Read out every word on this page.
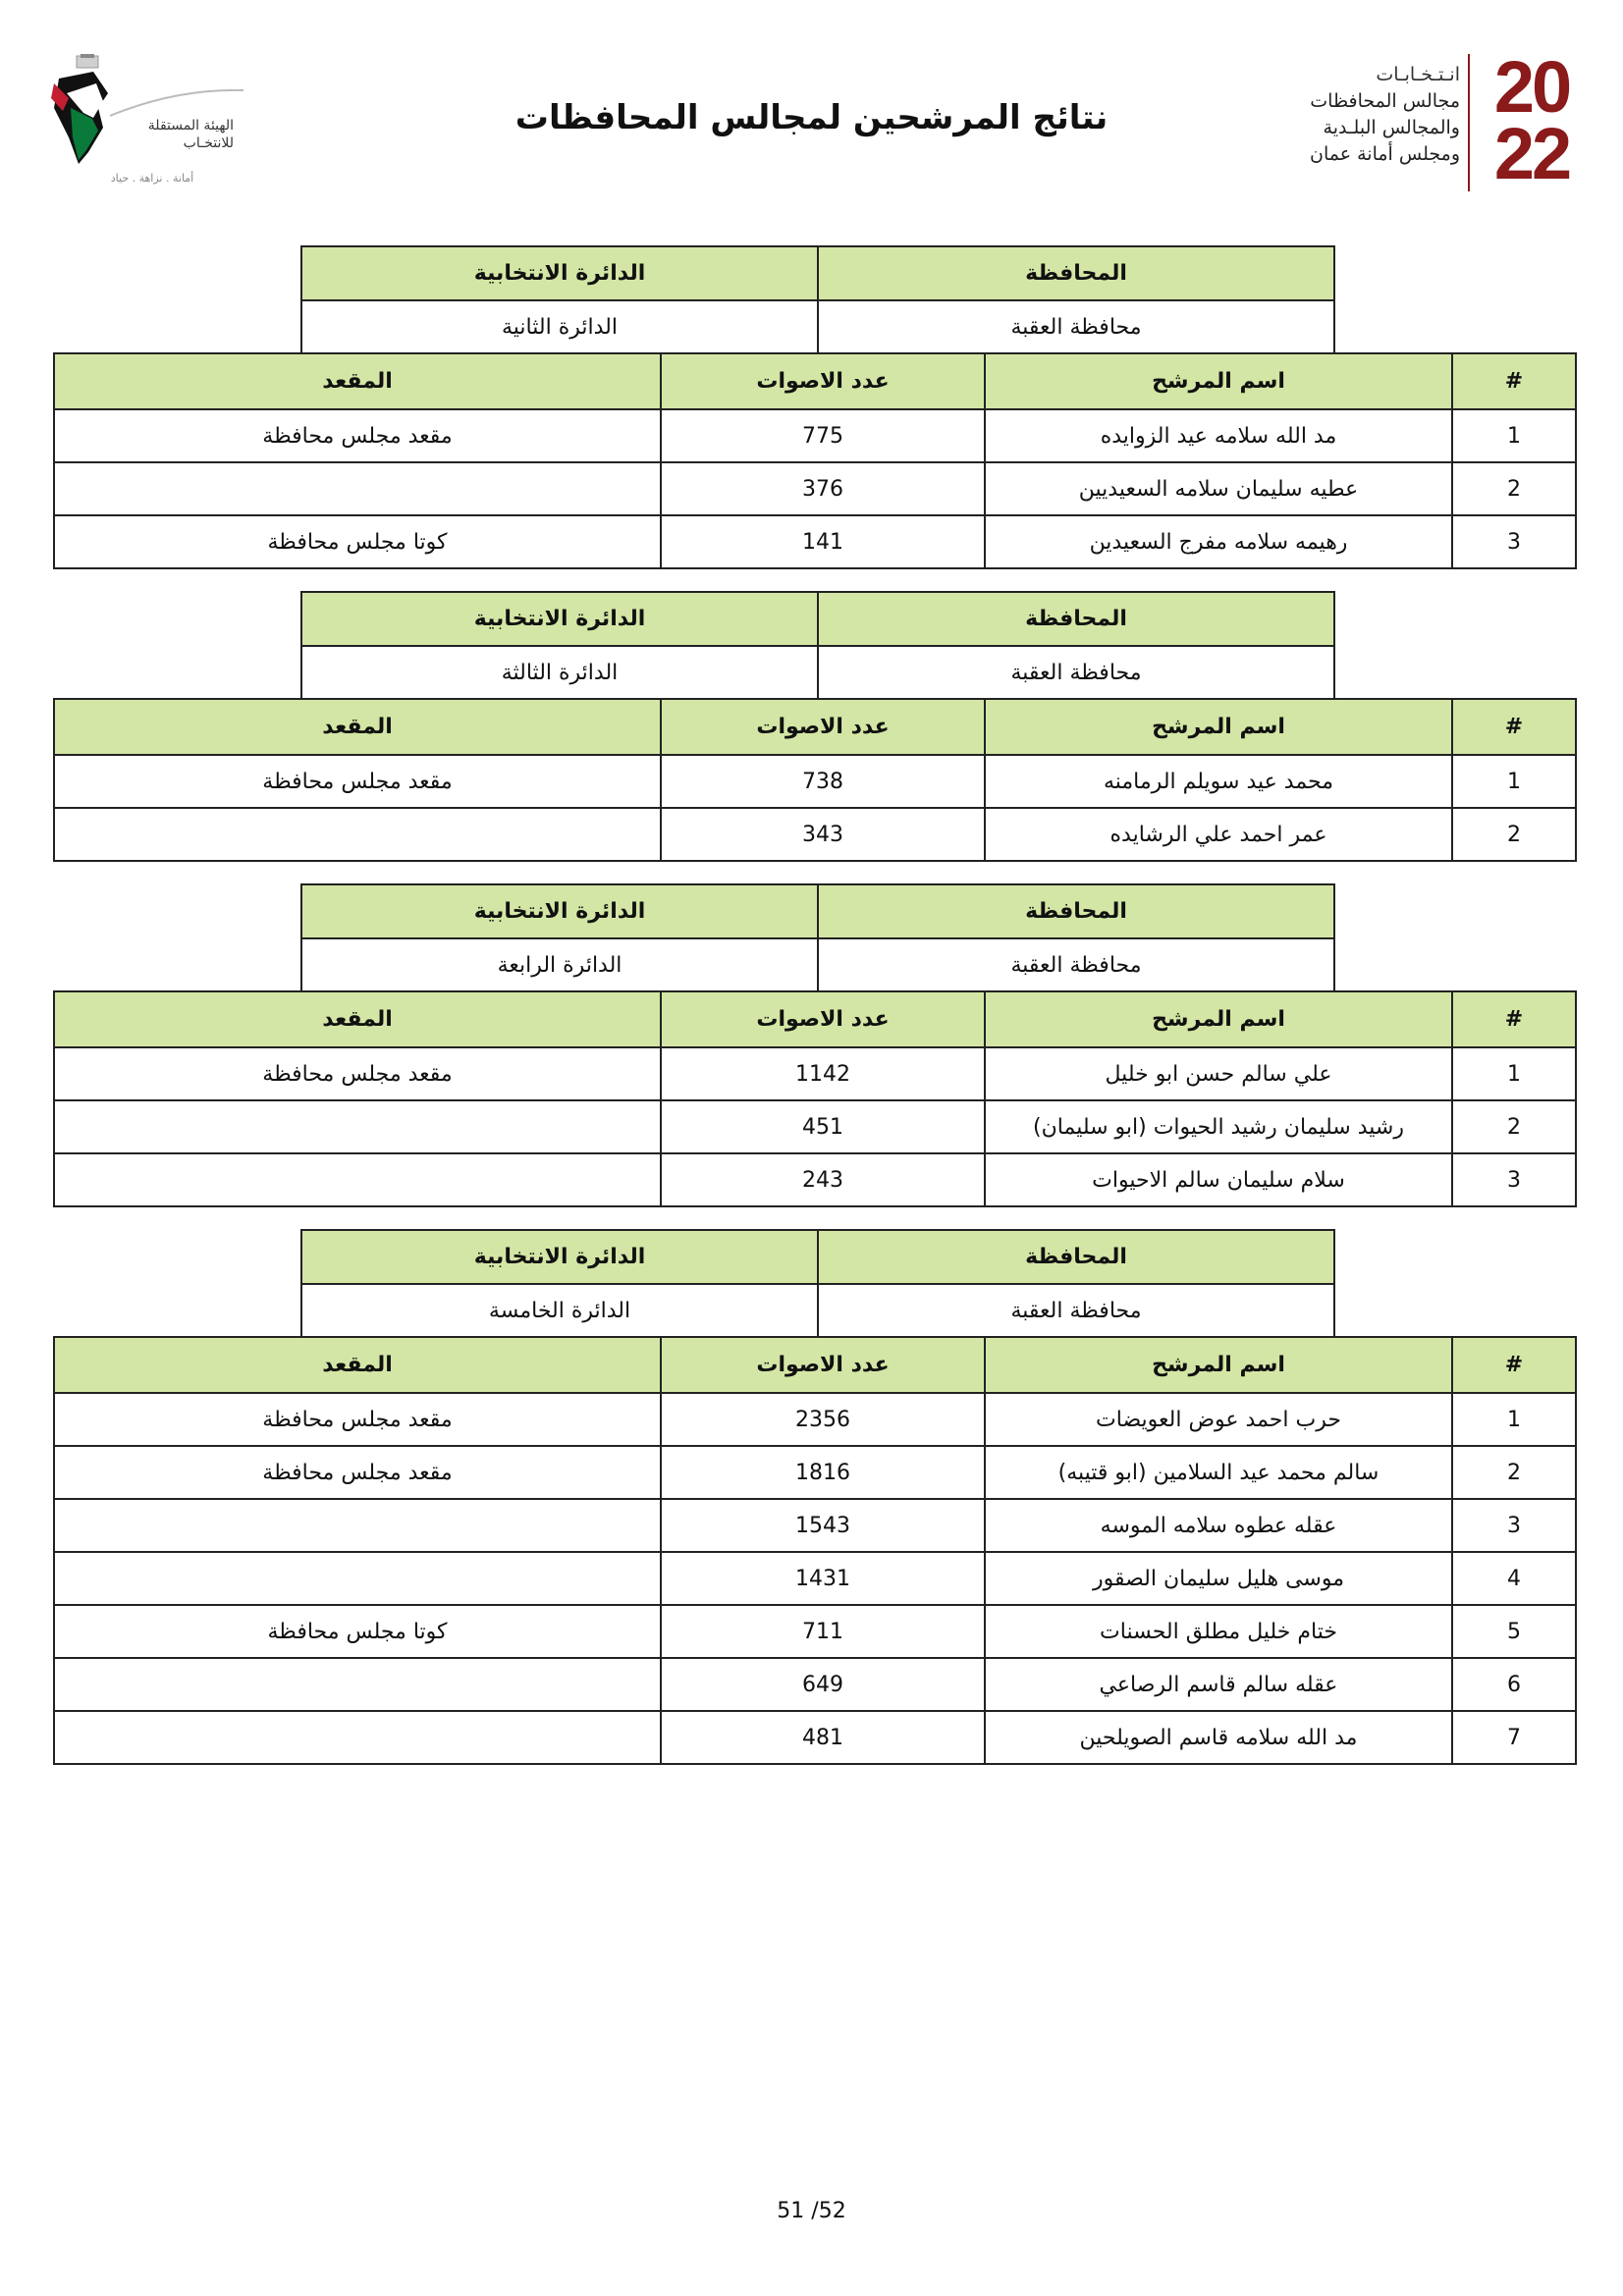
انـتـخـابـات
مجالس المحافظات
والمجالس البلـدية
ومجلس أمانة عمان
20
22
نتائج المرشحين لمجالس المحافظات
الهيئة المستقلة
للانتخـاب
أمانة . نزاهة . حياد
المحافظة	الدائرة الانتخابية
محافظة العقبة	الدائرة الثانية
#	اسم المرشح	عدد الاصوات	المقعد
1	مد الله سلامه عيد الزوايده	775	مقعد مجلس محافظة
2	عطيه سليمان سلامه السعيديين	376	
3	رهيمه سلامه مفرج السعيدين	141	كوتا مجلس محافظة
المحافظة	الدائرة الانتخابية
محافظة العقبة	الدائرة الثالثة
#	اسم المرشح	عدد الاصوات	المقعد
1	محمد عيد سويلم الرمامنه	738	مقعد مجلس محافظة
2	عمر احمد علي الرشايده	343	
المحافظة	الدائرة الانتخابية
محافظة العقبة	الدائرة الرابعة
#	اسم المرشح	عدد الاصوات	المقعد
1	علي سالم حسن ابو خليل	1142	مقعد مجلس محافظة
2	رشيد سليمان رشيد الحيوات (ابو سليمان)	451	
3	سلام سليمان سالم الاحيوات	243	
المحافظة	الدائرة الانتخابية
محافظة العقبة	الدائرة الخامسة
#	اسم المرشح	عدد الاصوات	المقعد
1	حرب احمد عوض العويضات	2356	مقعد مجلس محافظة
2	سالم محمد عيد السلامين (ابو قتيبه)	1816	مقعد مجلس محافظة
3	عقله عطوه سلامه الموسه	1543	
4	موسى هليل سليمان الصقور	1431	
5	ختام خليل مطلق الحسنات	711	كوتا مجلس محافظة
6	عقله سالم قاسم الرصاعي	649	
7	مد الله سلامه قاسم الصويلحين	481	
51 /52
